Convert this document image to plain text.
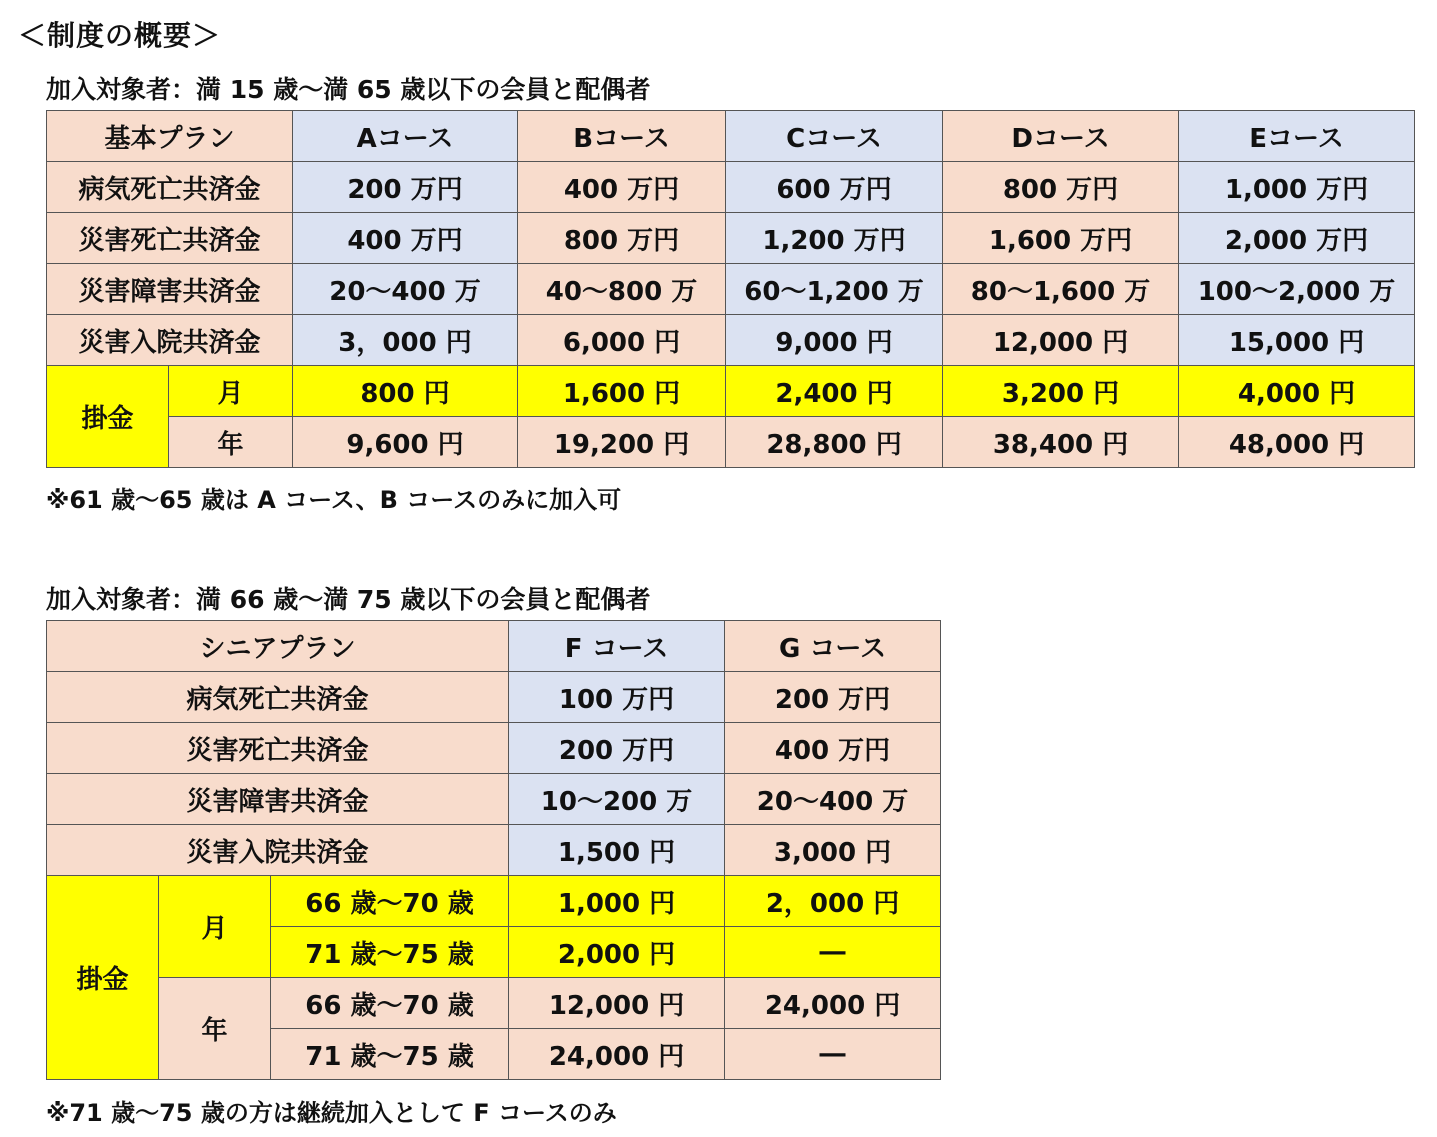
＜制度の概要＞
加入対象者：満 15 歳～満 65 歳以下の会員と配偶者
基本プラン		Aコース	Bコース	Cコース	Dコース	Eコース
病気死亡共済金		200 万円	400 万円	600 万円	800 万円	1,000 万円
災害死亡共済金		400 万円	800 万円	1,200 万円	1,600 万円	2,000 万円
災害障害共済金		20～400 万	40～800 万	60～1,200 万	80～1,600 万	100～2,000 万
災害入院共済金		3，000 円	6,000 円	9,000 円	12,000 円	15,000 円
掛金	月	800 円	1,600 円	2,400 円	3,200 円	4,000 円
	年	9,600 円	19,200 円	28,800 円	38,400 円	48,000 円
※61 歳～65 歳は A コース、B コースのみに加入可
加入対象者：満 66 歳～満 75 歳以下の会員と配偶者
シニアプラン			F コース	G コース
病気死亡共済金			100 万円	200 万円
災害死亡共済金			200 万円	400 万円
災害障害共済金			10～200 万	20～400 万
災害入院共済金			1,500 円	3,000 円
掛金	月	66 歳～70 歳	1,000 円	2，000 円
		71 歳～75 歳	2,000 円	―
	年	66 歳～70 歳	12,000 円	24,000 円
		71 歳～75 歳	24,000 円	―
※71 歳～75 歳の方は継続加入として F コースのみ
